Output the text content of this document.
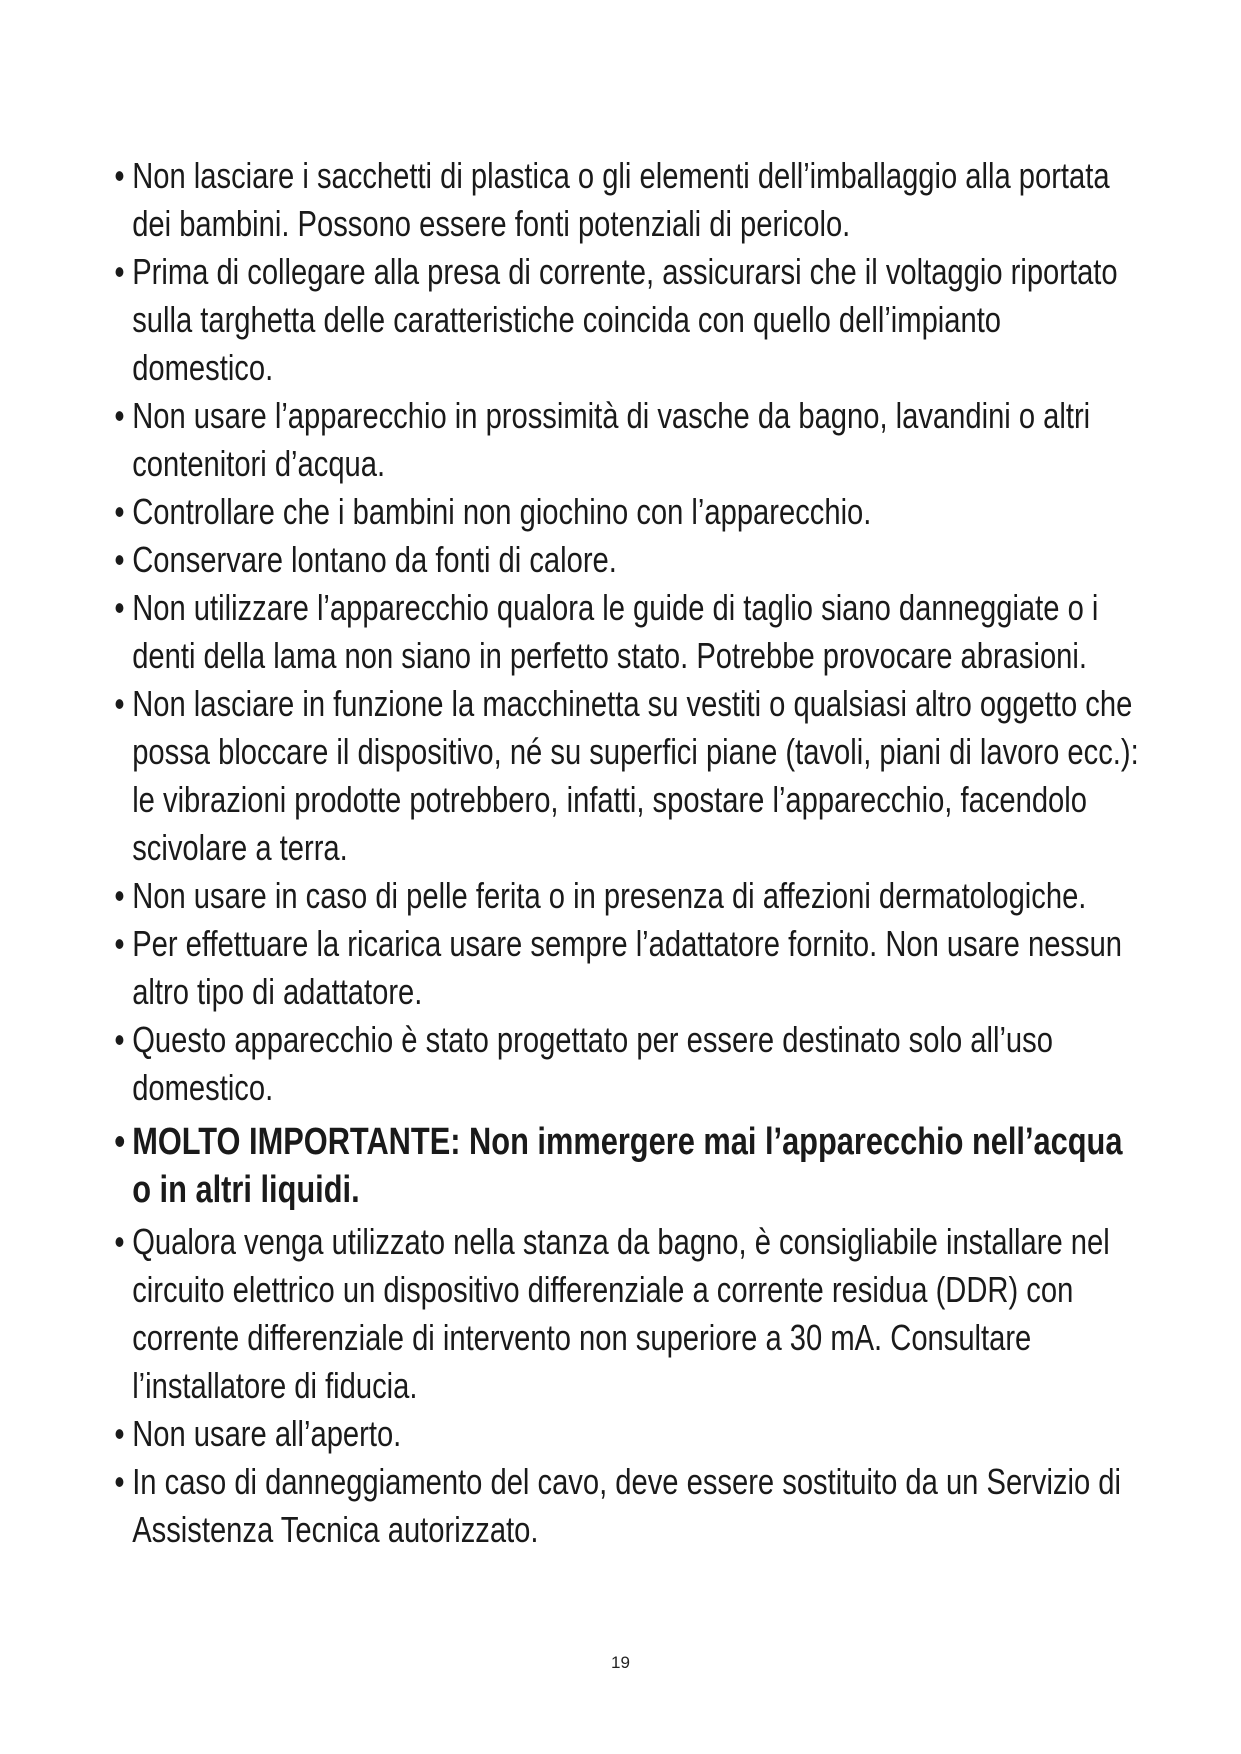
• Non lasciare i sacchetti di plastica o gli elementi dell’imballaggio alla portata dei bambini. Possono essere fonti potenziali di pericolo.
• Prima di collegare alla presa di corrente, assicurarsi che il voltaggio riportato sulla targhetta delle caratteristiche coincida con quello dell’impianto domestico.
• Non usare l’apparecchio in prossimità di vasche da bagno, lavandini o altri contenitori d’acqua.
• Controllare che i bambini non giochino con l’apparecchio.
• Conservare lontano da fonti di calore.
• Non utilizzare l’apparecchio qualora le guide di taglio siano danneggiate o i denti della lama non siano in perfetto stato. Potrebbe provocare abrasioni.
• Non lasciare in funzione la macchinetta su vestiti o qualsiasi altro oggetto che possa bloccare il dispositivo, né su superfici piane (tavoli, piani di lavoro ecc.): le vibrazioni prodotte potrebbero, infatti, spostare l’apparecchio, facendolo scivolare a terra.
• Non usare in caso di pelle ferita o in presenza di affezioni dermatologiche.
• Per effettuare la ricarica usare sempre l’adattatore fornito. Non usare nessun altro tipo di adattatore.
• Questo apparecchio è stato progettato per essere destinato solo all’uso domestico.
• MOLTO IMPORTANTE: Non immergere mai l’apparecchio nell’acqua o in altri liquidi.
• Qualora venga utilizzato nella stanza da bagno, è consigliabile installare nel circuito elettrico un dispositivo differenziale a corrente residua (DDR) con corrente differenziale di intervento non superiore a 30 mA. Consultare l’installatore di fiducia.
• Non usare all’aperto.
• In caso di danneggiamento del cavo, deve essere sostituito da un Servizio di Assistenza Tecnica autorizzato.
19
